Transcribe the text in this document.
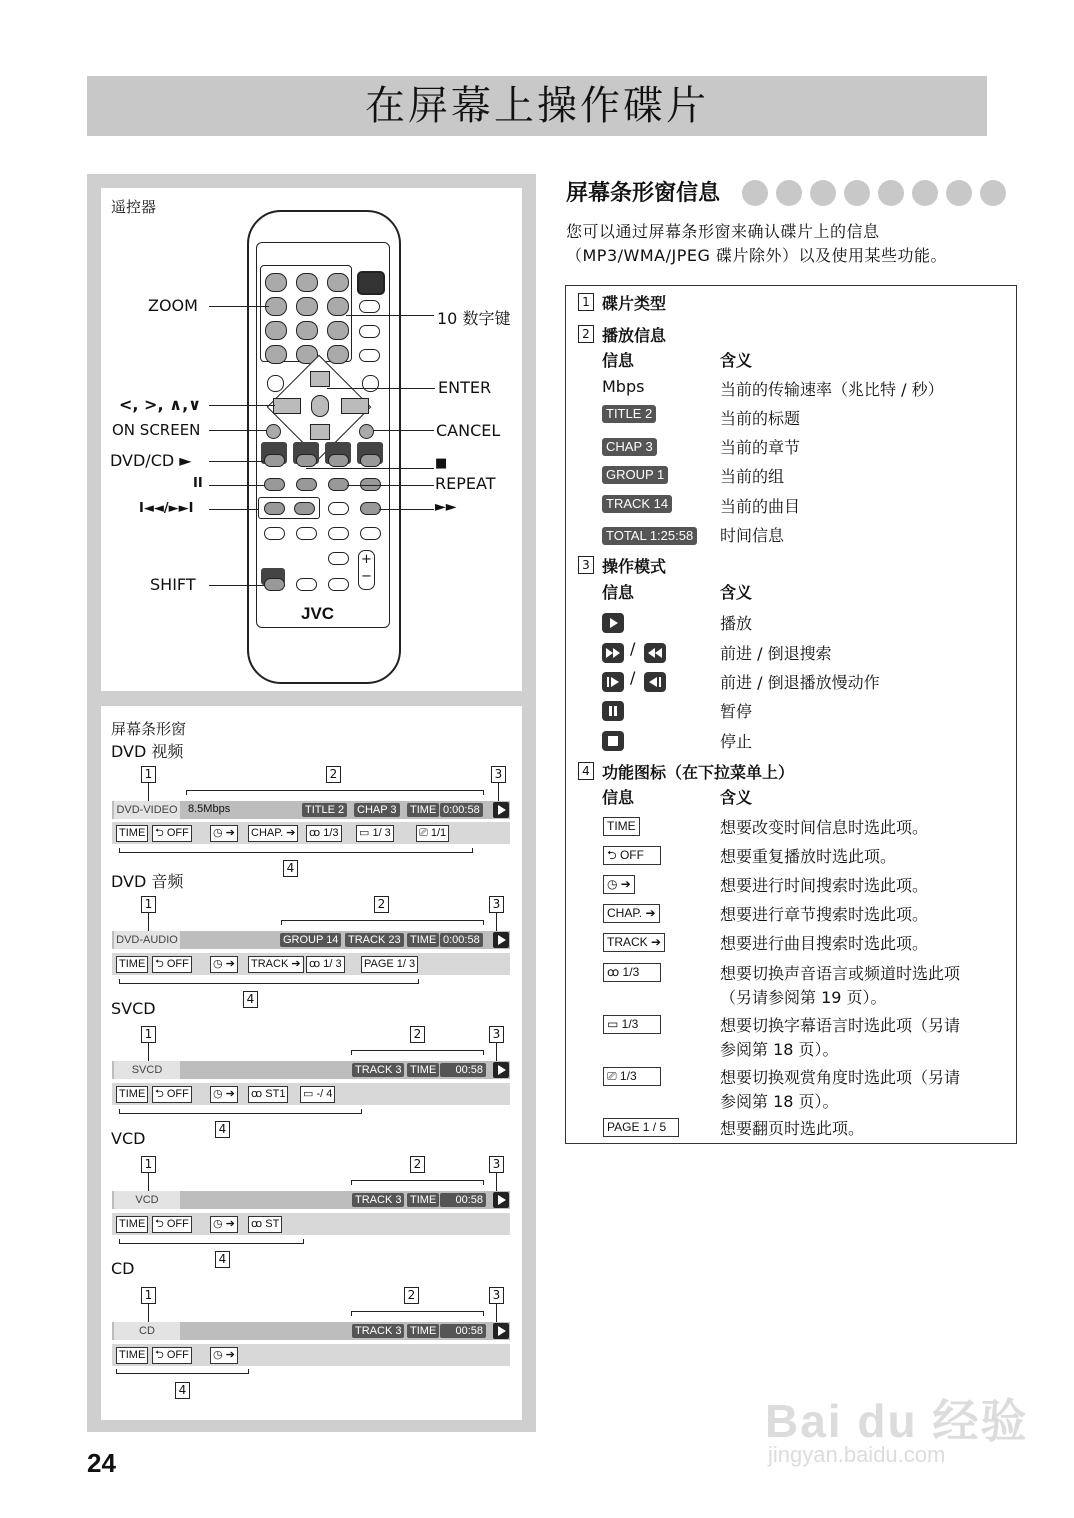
在屏幕上操作碟片
遥控器
+
−
JVC
ZOOM
10 数字键
<, >, ∧,∨
ENTER
ON SCREEN	CANCEL
DVD/CD ►	■
II	REPEAT
I◄◄/►►I	►►
SHIFT
屏幕条形窗
DVD 视频
1	2	3
DVD-VIDEO 8.5Mbps	TITLE 2 CHAP 3 TIME 0:00:58
TIME ⮌ OFF ◷ ➔ CHAP. ➔ ꝏ 1/3 ▭ 1/ 3	⎚ 1/1
4
DVD 音频
1	2	3
DVD-AUDIO	GROUP 14 TRACK 23 TIME 0:00:58
TIME ⮌ OFF ◷ ➔ TRACK ➔ ꝏ 1/ 3 PAGE 1/ 3
4
SVCD
1	2	3
SVCD	TRACK 3 TIME	00:58
TIME ⮌ OFF ◷ ➔ ꝏ ST1 ▭ -/ 4
4
VCD
1	2	3
VCD	TRACK 3 TIME	00:58
TIME ⮌ OFF ◷ ➔ ꝏ ST
4
CD
1	2	3
CD	TRACK 3 TIME	00:58
TIME ⮌ OFF ◷ ➔
4
屏幕条形窗信息
您可以通过屏幕条形窗来确认碟片上的信息（MP3/WMA/JPEG 碟片除外）以及使用某些功能。
1 碟片类型
2 播放信息
信息	含义
Mbps	当前的传输速率（兆比特 / 秒）
TITLE 2	当前的标题
CHAP 3	当前的章节
GROUP 1	当前的组
TRACK 14	当前的曲目
TOTAL 1:25:58 时间信息
3 操作模式
信息	含义
播放
/	前进 / 倒退搜索
/	前进 / 倒退播放慢动作
暂停
停止
4 功能图标（在下拉菜单上）
信息	含义
TIME	想要改变时间信息时选此项。
⮌ OFF	想要重复播放时选此项。
◷ ➔	想要进行时间搜索时选此项。
CHAP. ➔	想要进行章节搜索时选此项。
TRACK ➔	想要进行曲目搜索时选此项。
ꝏ 1/3	想要切换声音语言或频道时选此项
（另请参阅第 19 页）。
▭ 1/3	想要切换字幕语言时选此项（另请
参阅第 18 页）。
⎚ 1/3	想要切换观赏角度时选此项（另请
参阅第 18 页）。
PAGE 1 / 5	想要翻页时选此项。
24
Bai du 经验
jingyan.baidu.com
